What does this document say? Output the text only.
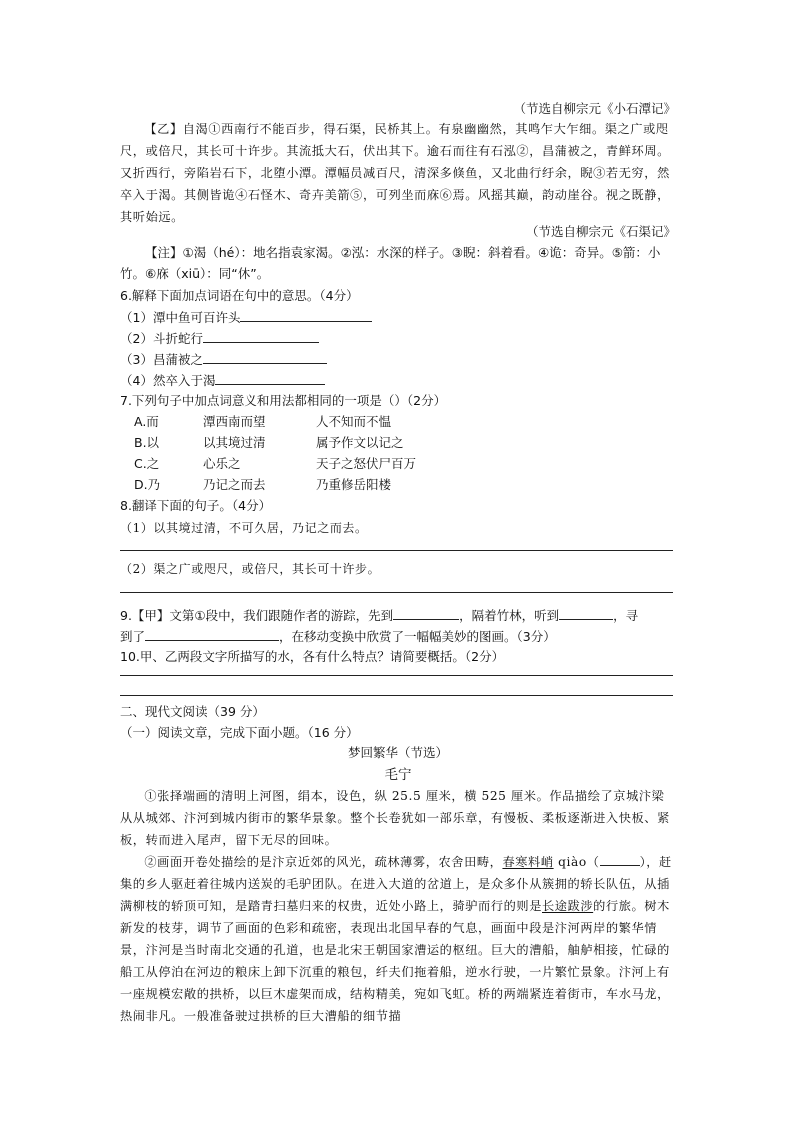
（节选自柳宗元《小石潭记》

【乙】自渴①西南行不能百步，得石渠，民桥其上。有泉幽幽然，其鸣乍大乍细。渠之广或咫尺，或倍尺，其长可十许步。其流抵大石，伏出其下。逾石而往有石泓②，昌蒲被之，青鲜环周。又折西行，旁陷岩石下，北堕小潭。潭幅员减百尺，清深多倏鱼，又北曲行纡余，睨③若无穷，然卒入于渴。其侧皆诡④石怪木、奇卉美箭⑤，可列坐而庥⑥焉。风摇其巅，韵动崖谷。视之既静，其听始远。

（节选自柳宗元《石渠记》

【注】①渴（hé）：地名指袁家渴。②泓：水深的样子。③睨：斜着看。④诡：奇异。⑤箭：小竹。⑥庥（xiū）：同“休”。

6.解释下面加点词语在句中的意思。（4分）
（1）潭中鱼可百许头
（2）斗折蛇行
（3）昌蒲被之
（4）然卒入于渴
7.下列句子中加点词意义和用法都相同的一项是（）（2分）
A.而	潭西南而望	人不知而不愠
B.以	以其境过清	属予作文以记之
C.之	心乐之	天子之怒伏尸百万
D.乃	乃记之而去	乃重修岳阳楼
8.翻译下面的句子。（4分）
（1）以其境过清，不可久居，乃记之而去。
（2）渠之广或咫尺，或倍尺，其长可十许步。
9.【甲】文第①段中，我们跟随作者的游踪，先到	，隔着竹林，听到	，寻
到了	，在移动变换中欣赏了一幅幅美妙的图画。（3分）
10.甲、乙两段文字所描写的水，各有什么特点？请简要概括。（2分）
二、现代文阅读（39 分）
（一）阅读文章，完成下面小题。（16 分）
梦回繁华（节选）
毛宁

①张择端画的清明上河图，绢本，设色，纵 25.5 厘米，横 525 厘米。作品描绘了京城汴梁从从城郊、汴河到城内街市的繁华景象。整个长卷犹如一部乐章，有慢板、柔板逐渐进入快板、紧板，转而进入尾声，留下无尽的回味。

②画面开卷处描绘的是汴京近郊的风光，疏林薄雾，农舍田畴，春寒料峭 qiào（	），赶集的乡人驱赶着往城内送炭的毛驴团队。在进入大道的岔道上，是众多仆从簇拥的轿长队伍，从插满柳枝的轿顶可知，是踏青扫墓归来的权贵，近处小路上，骑驴而行的则是长途跋涉的行旅。树木新发的枝芽，调节了画面的色彩和疏密，表现出北国早春的气息，画面中段是汴河两岸的繁华情景，汴河是当时南北交通的孔道，也是北宋王朝国家漕运的枢纽。巨大的漕船，舳舻相接，忙碌的船工从停泊在河边的粮床上卸下沉重的粮包，纤夫们拖着船，逆水行驶，一片繁忙景象。汴河上有一座规模宏敞的拱桥，以巨木虚架而成，结构精美，宛如飞虹。桥的两端紧连着街市，车水马龙，热闹非凡。一般准备驶过拱桥的巨大漕船的细节描
